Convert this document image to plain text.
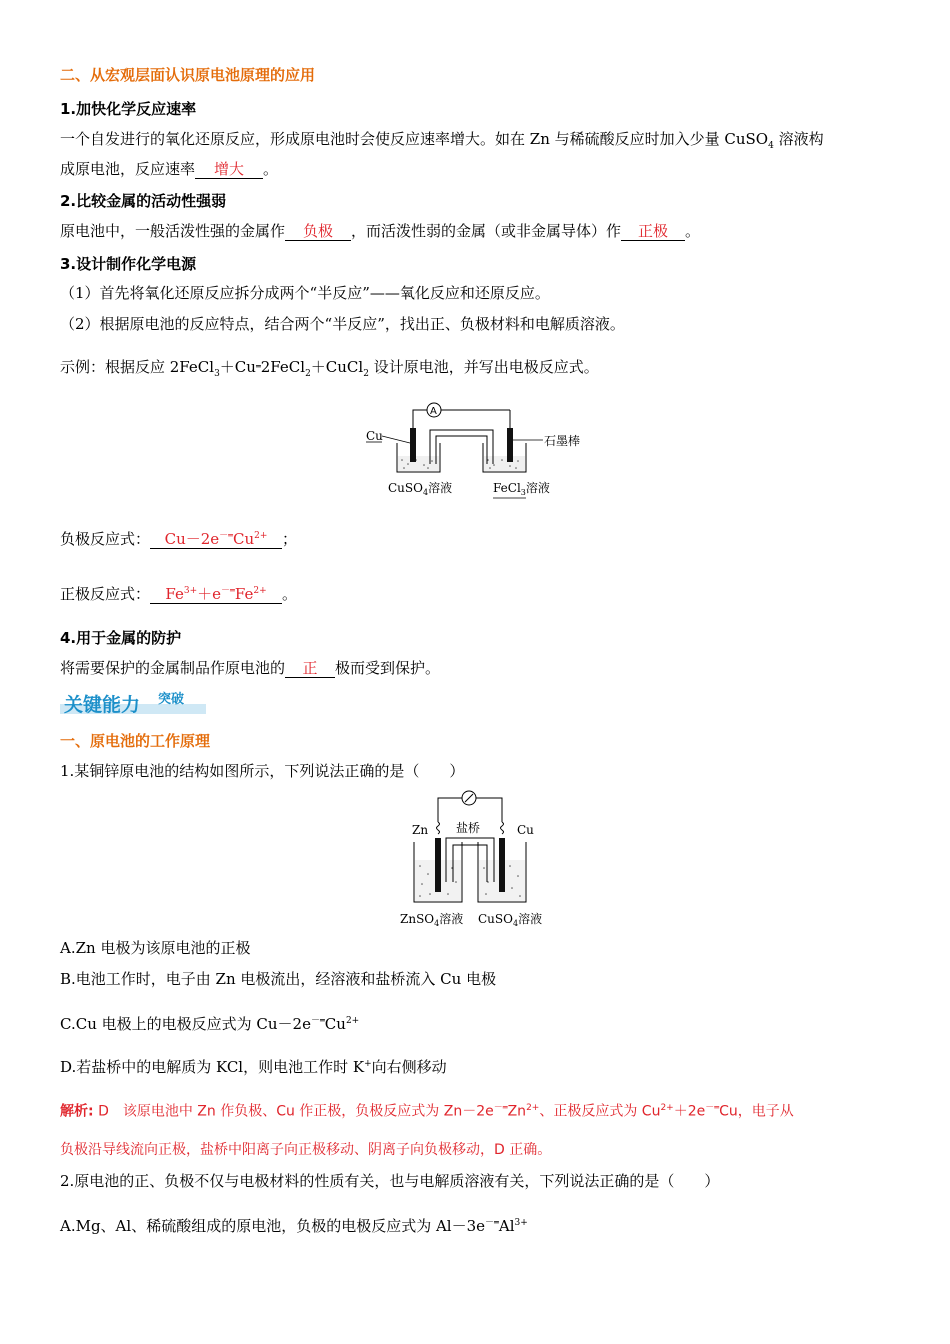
二、从宏观层面认识原电池原理的应用
1.加快化学反应速率
一个自发进行的氧化还原反应，形成原电池时会使反应速率增大。如在 Zn 与稀硫酸反应时加入少量 CuSO$_4$ 溶液构
成原电池，反应速率 增大 。
2.比较金属的活动性强弱
原电池中，一般活泼性强的金属作 负极 ，而活泼性弱的金属（或非金属导体）作 正极 。
3.设计制作化学电源
（1）首先将氧化还原反应拆分成两个“半反应”——氧化反应和还原反应。
（2）根据原电池的反应特点，结合两个“半反应”，找出正、负极材料和电解质溶液。
示例：根据反应 2FeCl$_3$＋Cu═2FeCl$_2$＋CuCl$_2$ 设计原电池，并写出电极反应式。
A
Cu	石墨棒
CuSO$_4$溶液	FeCl$_3$溶液
负极反应式： $Cu-2e^{-═}Cu^{2+}$ ；
正极反应式： $Fe^{3+}+e^{-═}Fe^{2+}$ 。
4.用于金属的防护
将需要保护的金属制品作原电池的 正 极而受到保护。
关键能力 突破
一、原电池的工作原理
1.某铜锌原电池的结构如图所示，下列说法正确的是（　　）
Zn	Cu
盐桥
ZnSO$_4$溶液 CuSO$_4$溶液
A.Zn 电极为该原电池的正极
B.电池工作时，电子由 Zn 电极流出，经溶液和盐桥流入 Cu 电极
C.Cu 电极上的电极反应式为 $Cu-2e^{-═}Cu^{2+}$
D.若盐桥中的电解质为 KCl，则电池工作时 K+向右侧移动
解析: D　 该原电池中 Zn 作负极、Cu 作正极，负极反应式为 $Zn-2e^{-═}Zn^{2+}$、正极反应式为 $Cu^{2+}+2e^{-═}Cu$，电子从
负极沿导线流向正极，盐桥中阳离子向正极移动、阴离子向负极移动，D 正确。
2.原电池的正、负极不仅与电极材料的性质有关，也与电解质溶液有关，下列说法正确的是（　　）
A.Mg、Al、稀硫酸组成的原电池，负极的电极反应式为 $Al-3e^{-═}Al^{3+}$
